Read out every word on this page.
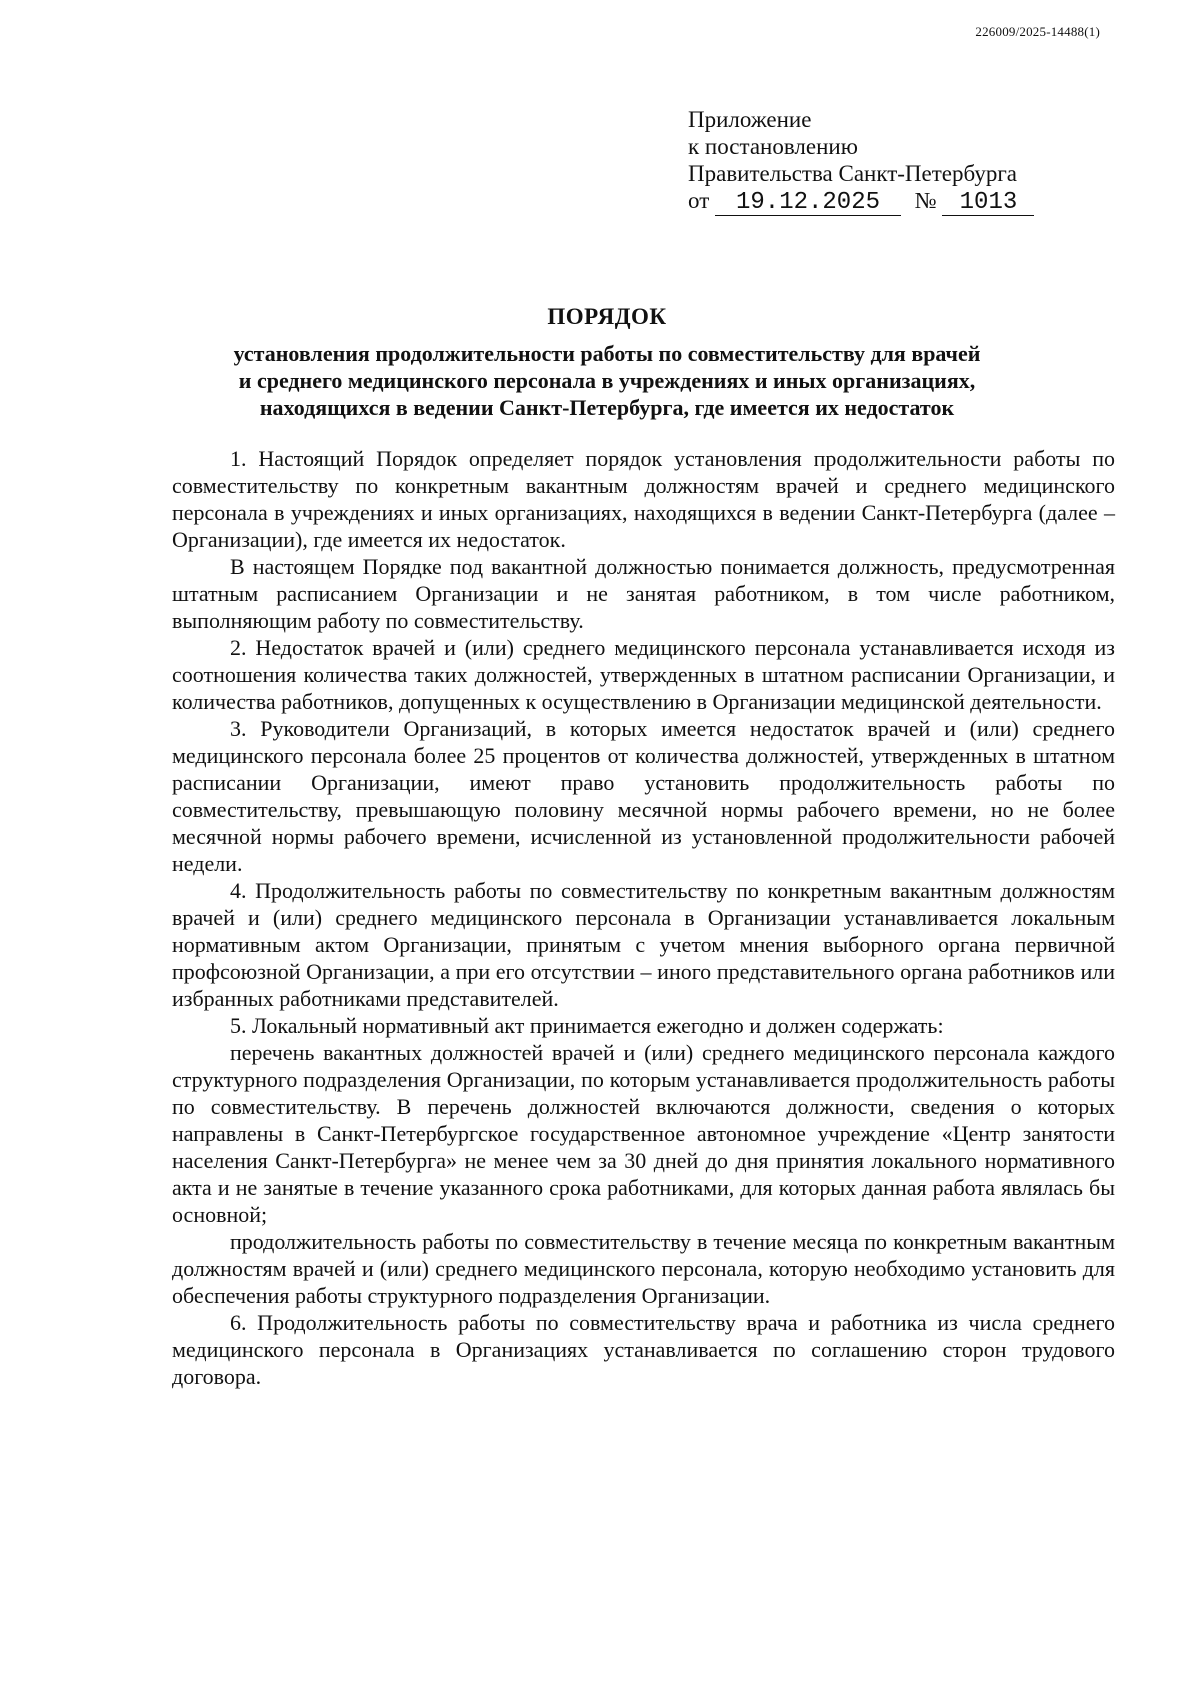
226009/2025-14488(1)
Приложение
к постановлению
Правительства Санкт-Петербурга
от 19.12.2025 № 1013
ПОРЯДОК
установления продолжительности работы по совместительству для врачей
и среднего медицинского персонала в учреждениях и иных организациях,
находящихся в ведении Санкт-Петербурга, где имеется их недостаток

1. Настоящий Порядок определяет порядок установления продолжительности работы по совместительству по конкретным вакантным должностям врачей и среднего медицинского персонала в учреждениях и иных организациях, находящихся в ведении Санкт-Петербурга (далее – Организации), где имеется их недостаток.

В настоящем Порядке под вакантной должностью понимается должность, предусмотренная штатным расписанием Организации и не занятая работником, в том числе работником, выполняющим работу по совместительству.

2. Недостаток врачей и (или) среднего медицинского персонала устанавливается исходя из соотношения количества таких должностей, утвержденных в штатном расписании Организации, и количества работников, допущенных к осуществлению в Организации медицинской деятельности.

3. Руководители Организаций, в которых имеется недостаток врачей и (или) среднего медицинского персонала более 25 процентов от количества должностей, утвержденных в штатном расписании Организации, имеют право установить продолжительность работы по совместительству, превышающую половину месячной нормы рабочего времени, но не более месячной нормы рабочего времени, исчисленной из установленной продолжительности рабочей недели.

4. Продолжительность работы по совместительству по конкретным вакантным должностям врачей и (или) среднего медицинского персонала в Организации устанавливается локальным нормативным актом Организации, принятым с учетом мнения выборного органа первичной профсоюзной Организации, а при его отсутствии – иного представительного органа работников или избранных работниками представителей.

5. Локальный нормативный акт принимается ежегодно и должен содержать:

перечень вакантных должностей врачей и (или) среднего медицинского персонала каждого структурного подразделения Организации, по которым устанавливается продолжительность работы по совместительству. В перечень должностей включаются должности, сведения о которых направлены в Санкт-Петербургское государственное автономное учреждение «Центр занятости населения Санкт-Петербурга» не менее чем за 30 дней до дня принятия локального нормативного акта и не занятые в течение указанного срока работниками, для которых данная работа являлась бы основной;

продолжительность работы по совместительству в течение месяца по конкретным вакантным должностям врачей и (или) среднего медицинского персонала, которую необходимо установить для обеспечения работы структурного подразделения Организации.

6. Продолжительность работы по совместительству врача и работника из числа среднего медицинского персонала в Организациях устанавливается по соглашению сторон трудового договора.
